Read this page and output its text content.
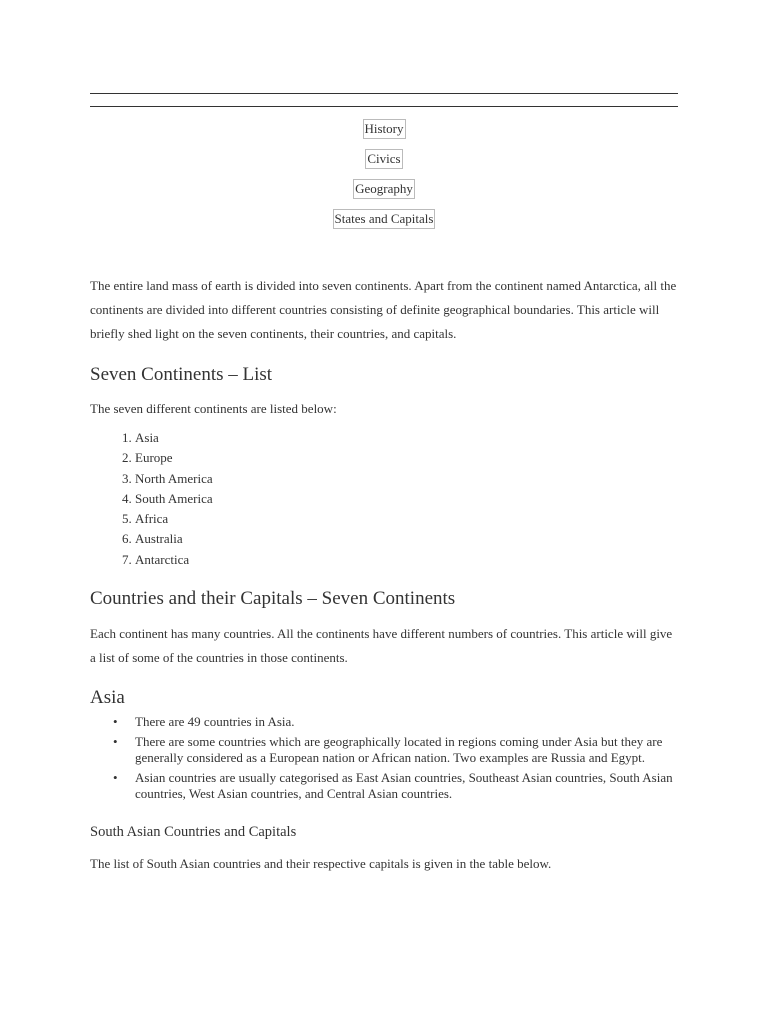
History
Civics
Geography
States and Capitals

The entire land mass of earth is divided into seven continents. Apart from the continent named Antarctica, all the continents are divided into different countries consisting of definite geographical boundaries. This article will briefly shed light on the seven continents, their countries, and capitals.

Seven Continents – List

The seven different continents are listed below:

1. Asia
2. Europe
3. North America
4. South America
5. Africa
6. Australia
7. Antarctica
Countries and their Capitals – Seven Continents

Each continent has many countries. All the continents have different numbers of countries. This article will give a list of some of the countries in those continents.

Asia
• There are 49 countries in Asia.
• There are some countries which are geographically located in regions coming under Asia but they are generally considered as a European nation or African nation. Two examples are Russia and Egypt.
• Asian countries are usually categorised as East Asian countries, Southeast Asian countries, South Asian countries, West Asian countries, and Central Asian countries.
South Asian Countries and Capitals

The list of South Asian countries and their respective capitals is given in the table below.
